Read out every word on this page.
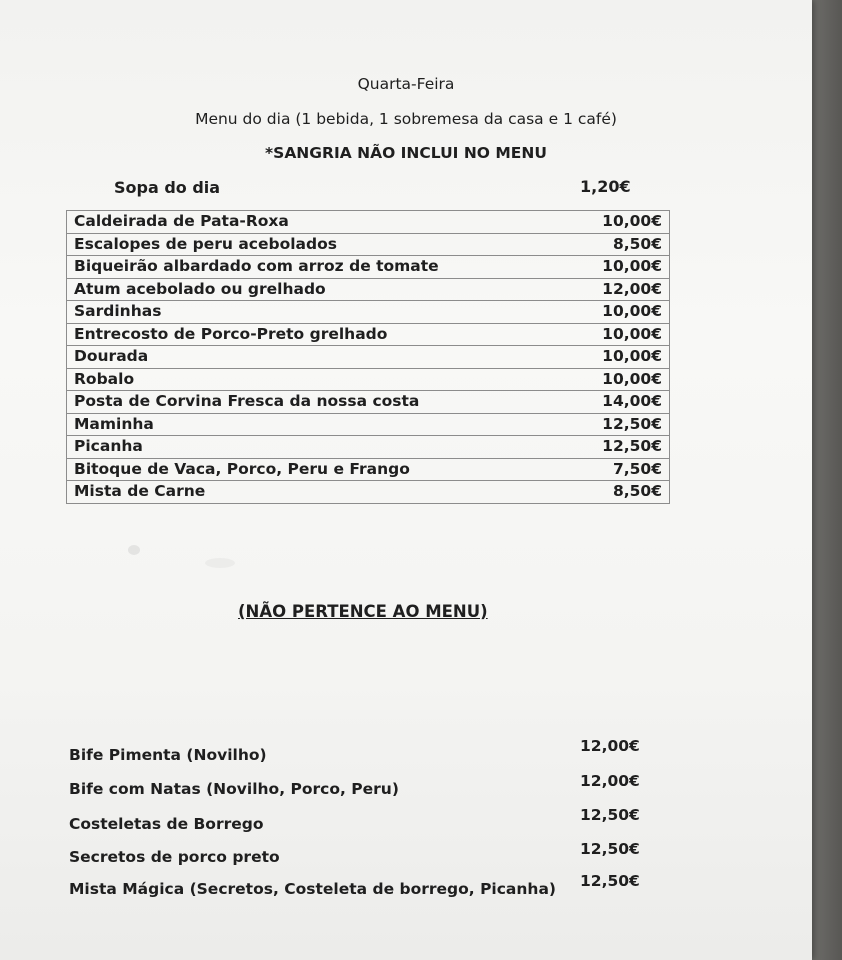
Quarta-Feira
Menu do dia (1 bebida, 1 sobremesa da casa e 1 café)
*SANGRIA NÃO INCLUI NO MENU
Sopa do dia	1,20€
Caldeirada de Pata-Roxa	10,00€
Escalopes de peru acebolados	8,50€
Biqueirão albardado com arroz de tomate	10,00€
Atum acebolado ou grelhado	12,00€
Sardinhas	10,00€
Entrecosto de Porco-Preto grelhado	10,00€
Dourada	10,00€
Robalo	10,00€
Posta de Corvina Fresca da nossa costa	14,00€
Maminha	12,50€
Picanha	12,50€
Bitoque de Vaca, Porco, Peru e Frango	7,50€
Mista de Carne	8,50€
(NÃO PERTENCE AO MENU)
Bife Pimenta (Novilho)	12,00€
Bife com Natas (Novilho, Porco, Peru)	12,00€
Costeletas de Borrego	12,50€
Secretos de porco preto	12,50€
Mista Mágica (Secretos, Costeleta de borrego, Picanha) 12,50€
